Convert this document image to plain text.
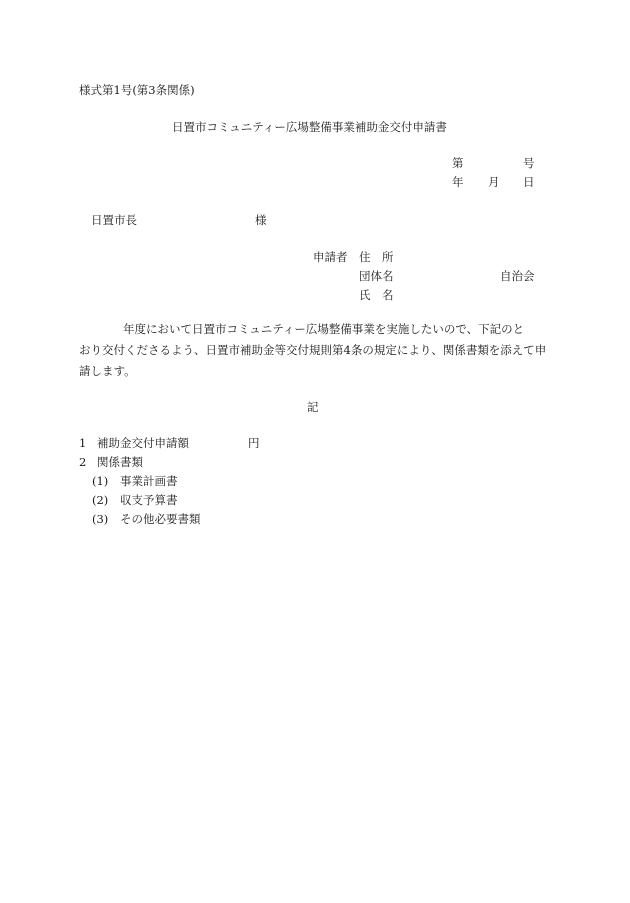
様式第1号(第3条関係)
日置市コミュニティー広場整備事業補助金交付申請書
第	号
年 月 日
日置市長	様
申請者 住　所
団体名	自治会
氏　名
年度において日置市コミュニティー広場整備事業を実施したいので、下記のと
おり交付くださるよう、日置市補助金等交付規則第4条の規定により、関係書類を添えて申
請します。
記
1 補助金交付申請額	円
2 関係書類
(1) 事業計画書
(2) 収支予算書
(3) その他必要書類
